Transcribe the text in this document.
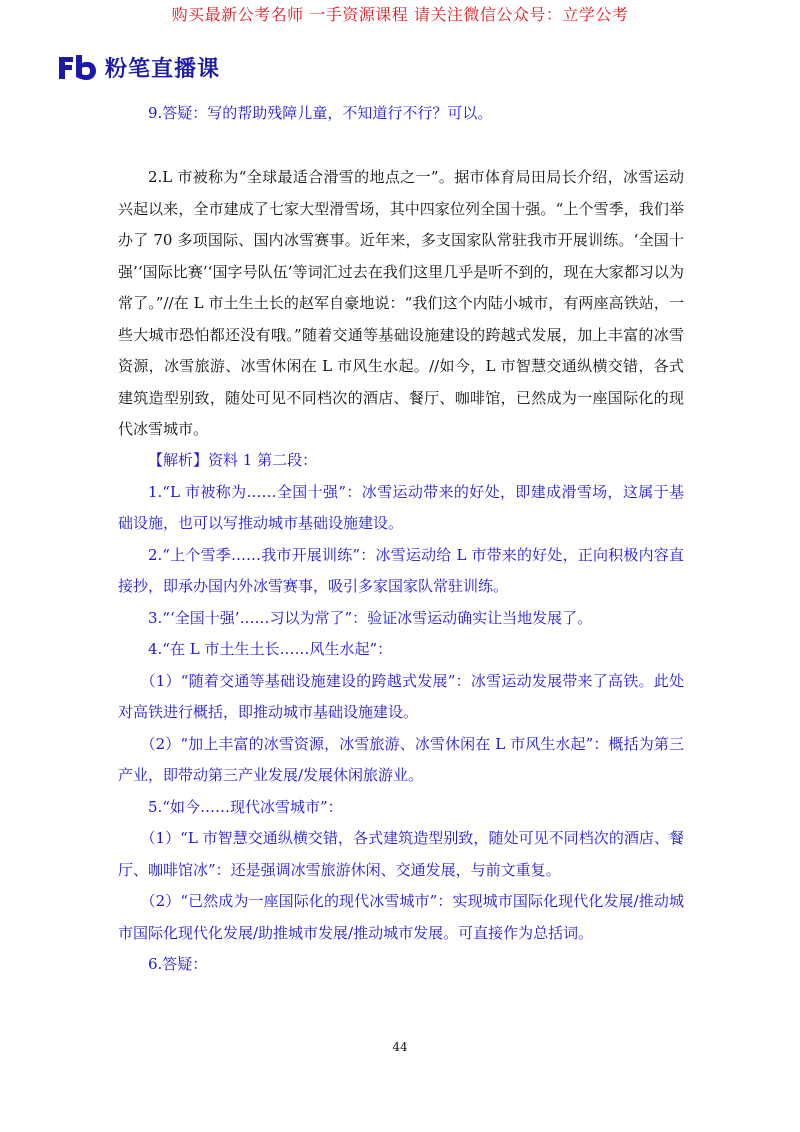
购买最新公考名师 一手资源课程 请关注微信公众号：立学公考
粉笔直播课

9.答疑：写的帮助残障儿童，不知道行不行？可以。

2.L 市被称为“全球最适合滑雪的地点之一”。据市体育局田局长介绍，冰雪运动兴起以来，全市建成了七家大型滑雪场，其中四家位列全国十强。“上个雪季，我们举办了 70 多项国际、国内冰雪赛事。近年来，多支国家队常驻我市开展训练。‘全国十强’‘国际比赛’‘国字号队伍’等词汇过去在我们这里几乎是听不到的，现在大家都习以为常了。”//在 L 市土生土长的赵军自豪地说：“我们这个内陆小城市，有两座高铁站，一些大城市恐怕都还没有哦。”随着交通等基础设施建设的跨越式发展，加上丰富的冰雪资源，冰雪旅游、冰雪休闲在 L 市风生水起。//如今，L 市智慧交通纵横交错，各式建筑造型别致，随处可见不同档次的酒店、餐厅、咖啡馆，已然成为一座国际化的现代冰雪城市。

【解析】资料 1 第二段：

1.“L 市被称为……全国十强”：冰雪运动带来的好处，即建成滑雪场，这属于基础设施，也可以写推动城市基础设施建设。

2.“上个雪季……我市开展训练”：冰雪运动给 L 市带来的好处，正向积极内容直接抄，即承办国内外冰雪赛事，吸引多家国家队常驻训练。

3.“‘全国十强’……习以为常了”：验证冰雪运动确实让当地发展了。

4.“在 L 市土生土长……风生水起”：

（1）“随着交通等基础设施建设的跨越式发展”：冰雪运动发展带来了高铁。此处对高铁进行概括，即推动城市基础设施建设。

（2）“加上丰富的冰雪资源，冰雪旅游、冰雪休闲在 L 市风生水起”：概括为第三产业，即带动第三产业发展/发展休闲旅游业。

5.“如今……现代冰雪城市”：

（1）“L 市智慧交通纵横交错，各式建筑造型别致，随处可见不同档次的酒店、餐厅、咖啡馆冰”：还是强调冰雪旅游休闲、交通发展，与前文重复。

（2）“已然成为一座国际化的现代冰雪城市”：实现城市国际化现代化发展/推动城市国际化现代化发展/助推城市发展/推动城市发展。可直接作为总括词。

6.答疑：

44
